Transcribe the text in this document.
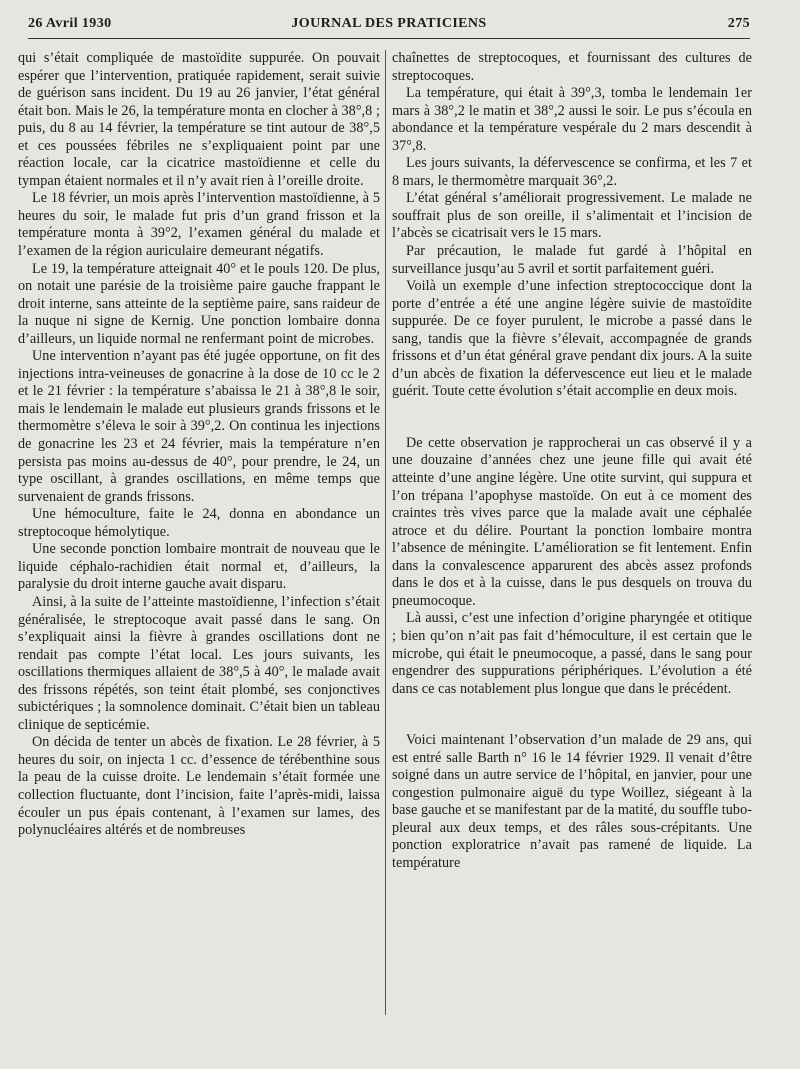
JOURNAL DES PRATICIENS
26 Avril 1930	275

qui s’était compliquée de mastoïdite suppurée. On pouvait espérer que l’intervention, pratiquée rapidement, serait suivie de guérison sans incident. Du 19 au 26 janvier, l’état général était bon. Mais le 26, la température monta en clocher à 38°,8 ; puis, du 8 au 14 février, la température se tint autour de 38°,5 et ces poussées fébriles ne s’expliquaient point par une réaction locale, car la cicatrice mastoïdienne et celle du tympan étaient normales et il n’y avait rien à l’oreille droite.

Le 18 février, un mois après l’intervention mastoïdienne, à 5 heures du soir, le malade fut pris d’un grand frisson et la température monta à 39°2, l’examen général du malade et l’examen de la région auriculaire demeurant négatifs.

Le 19, la température atteignait 40° et le pouls 120. De plus, on notait une parésie de la troisième paire gauche frappant le droit interne, sans atteinte de la septième paire, sans raideur de la nuque ni signe de Kernig. Une ponction lombaire donna d’ailleurs, un liquide normal ne renfermant point de microbes.

Une intervention n’ayant pas été jugée opportune, on fit des injections intra-veineuses de gonacrine à la dose de 10 cc le 2 et le 21 février : la température s’abaissa le 21 à 38°,8 le soir, mais le lendemain le malade eut plusieurs grands frissons et le thermomètre s’éleva le soir à 39°,2. On continua les injections de gonacrine les 23 et 24 février, mais la température n’en persista pas moins au-dessus de 40°, pour prendre, le 24, un type oscillant, à grandes oscillations, en même temps que survenaient de grands frissons.

Une hémoculture, faite le 24, donna en abondance un streptocoque hémolytique.

Une seconde ponction lombaire montrait de nouveau que le liquide céphalo-rachidien était normal et, d’ailleurs, la paralysie du droit interne gauche avait disparu.

Ainsi, à la suite de l’atteinte mastoïdienne, l’infection s’était généralisée, le streptocoque avait passé dans le sang. On s’expliquait ainsi la fièvre à grandes oscillations dont ne rendait pas compte l’état local. Les jours suivants, les oscillations thermiques allaient de 38°,5 à 40°, le malade avait des frissons répétés, son teint était plombé, ses conjonctives subictériques ; la somnolence dominait. C’était bien un tableau clinique de septicémie.

On décida de tenter un abcès de fixation. Le 28 février, à 5 heures du soir, on injecta 1 cc. d’essence de térébenthine sous la peau de la cuisse droite. Le lendemain s’était formée une collection fluctuante, dont l’incision, faite l’après-midi, laissa écouler un pus épais contenant, à l’examen sur lames, des polynucléaires altérés et de nombreuses

chaînettes de streptocoques, et fournissant des cultures de streptocoques.

La température, qui était à 39°,3, tomba le lendemain 1er mars à 38°,2 le matin et 38°,2 aussi le soir. Le pus s’écoula en abondance et la température vespérale du 2 mars descendit à 37°,8.

Les jours suivants, la défervescence se confirma, et les 7 et 8 mars, le thermomètre marquait 36°,2.

L’état général s’améliorait progressivement. Le malade ne souffrait plus de son oreille, il s’alimentait et l’incision de l’abcès se cicatrisait vers le 15 mars.

Par précaution, le malade fut gardé à l’hôpital en surveillance jusqu’au 5 avril et sortit parfaitement guéri.

Voilà un exemple d’une infection streptococcique dont la porte d’entrée a été une angine légère suivie de mastoïdite suppurée. De ce foyer purulent, le microbe a passé dans le sang, tandis que la fièvre s’élevait, accompagnée de grands frissons et d’un état général grave pendant dix jours. A la suite d’un abcès de fixation la défervescence eut lieu et le malade guérit. Toute cette évolution s’était accomplie en deux mois.

De cette observation je rapprocherai un cas observé il y a une douzaine d’années chez une jeune fille qui avait été atteinte d’une angine légère. Une otite survint, qui suppura et l’on trépana l’apophyse mastoïde. On eut à ce moment des craintes très vives parce que la malade avait une céphalée atroce et du délire. Pourtant la ponction lombaire montra l’absence de méningite. L’amélioration se fit lentement. Enfin dans la convalescence apparurent des abcès assez profonds dans le dos et à la cuisse, dans le pus desquels on trouva du pneumocoque.

Là aussi, c’est une infection d’origine pharyngée et otitique ; bien qu’on n’ait pas fait d’hémoculture, il est certain que le microbe, qui était le pneumocoque, a passé, dans le sang pour engendrer des suppurations périphériques. L’évolution a été dans ce cas notablement plus longue que dans le précédent.

Voici maintenant l’observation d’un malade de 29 ans, qui est entré salle Barth n° 16 le 14 février 1929. Il venait d’être soigné dans un autre service de l’hôpital, en janvier, pour une congestion pulmonaire aiguë du type Woillez, siégeant à la base gauche et se manifestant par de la matité, du souffle tubo-pleural aux deux temps, et des râles sous-crépitants. Une ponction exploratrice n’avait pas ramené de liquide. La température
